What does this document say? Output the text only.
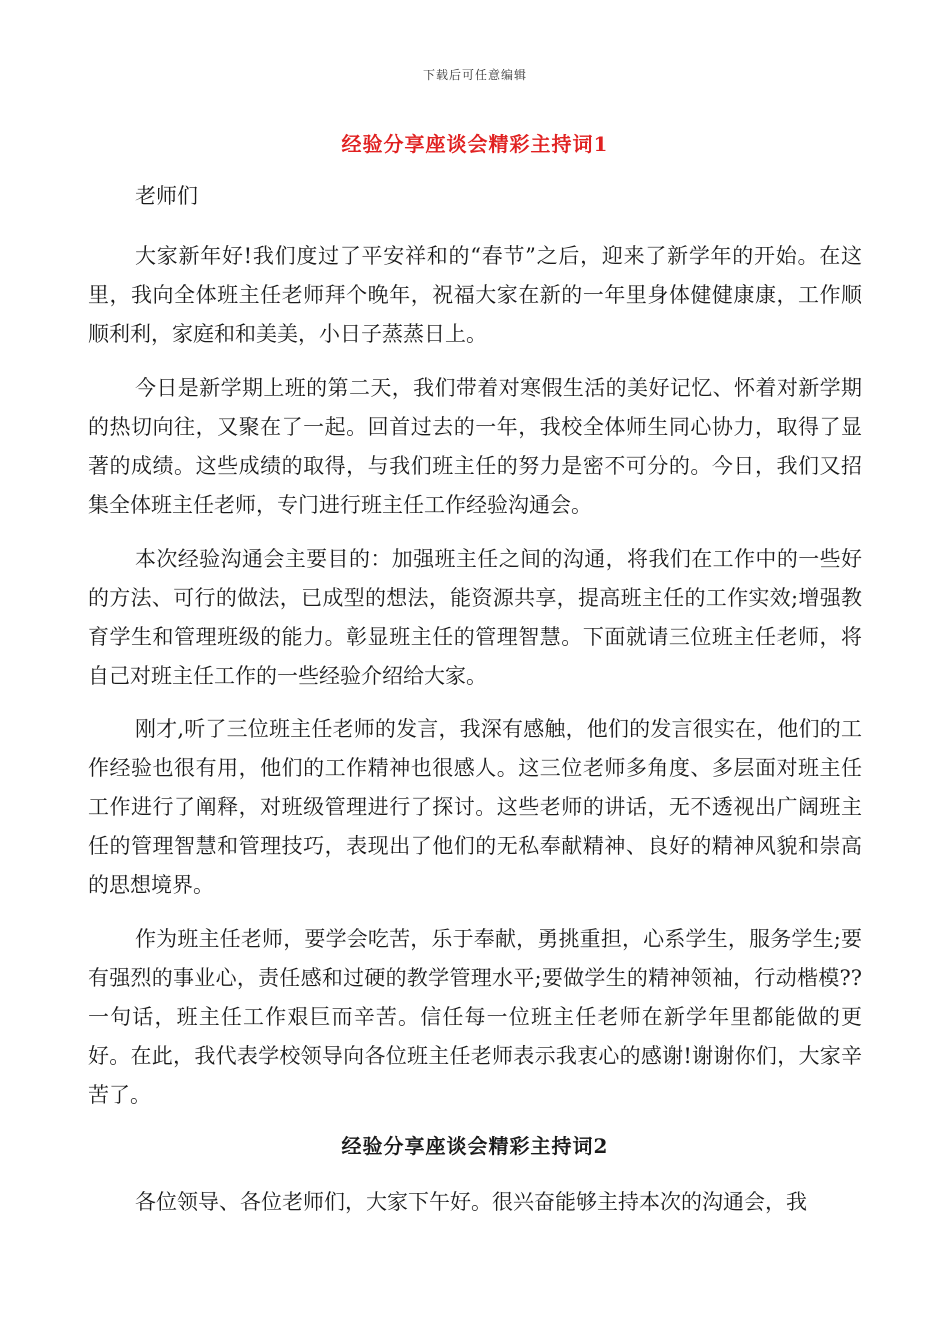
下载后可任意编辑
经验分享座谈会精彩主持词1

老师们

大家新年好!我们度过了平安祥和的“春节”之后，迎来了新学年的开始。在这里，我向全体班主任老师拜个晚年，祝福大家在新的一年里身体健健康康，工作顺顺利利，家庭和和美美，小日子蒸蒸日上。

今日是新学期上班的第二天，我们带着对寒假生活的美好记忆、怀着对新学期的热切向往，又聚在了一起。回首过去的一年，我校全体师生同心协力，取得了显著的成绩。这些成绩的取得，与我们班主任的努力是密不可分的。今日，我们又招集全体班主任老师，专门进行班主任工作经验沟通会。

本次经验沟通会主要目的：加强班主任之间的沟通，将我们在工作中的一些好的方法、可行的做法，已成型的想法，能资源共享，提高班主任的工作实效;增强教育学生和管理班级的能力。彰显班主任的管理智慧。下面就请三位班主任老师，将自己对班主任工作的一些经验介绍给大家。

刚才,听了三位班主任老师的发言，我深有感触，他们的发言很实在，他们的工作经验也很有用，他们的工作精神也很感人。这三位老师多角度、多层面对班主任工作进行了阐释，对班级管理进行了探讨。这些老师的讲话，无不透视出广阔班主任的管理智慧和管理技巧，表现出了他们的无私奉献精神、良好的精神风貌和崇高的思想境界。

作为班主任老师，要学会吃苦，乐于奉献，勇挑重担，心系学生，服务学生;要有强烈的事业心，责任感和过硬的教学管理水平;要做学生的精神领袖，行动楷模??一句话，班主任工作艰巨而辛苦。信任每一位班主任老师在新学年里都能做的更好。在此，我代表学校领导向各位班主任老师表示我衷心的感谢!谢谢你们，大家辛苦了。

经验分享座谈会精彩主持词2

各位领导、各位老师们，大家下午好。很兴奋能够主持本次的沟通会，我
